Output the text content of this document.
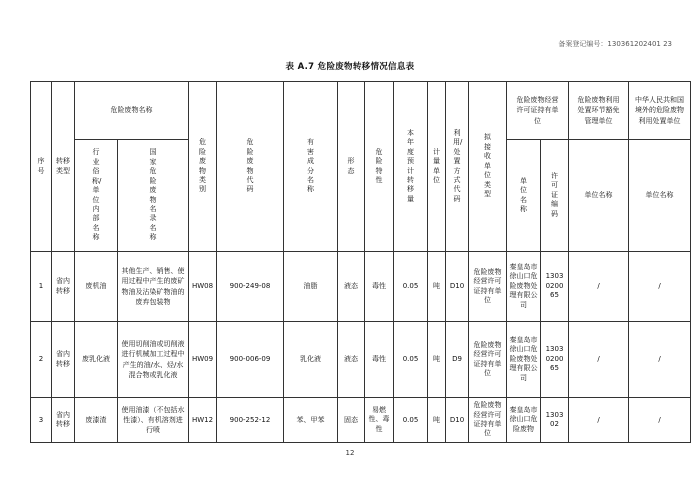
备案登记编号：130361202401 23
表 A.7 危险废物转移情况信息表
序号	转移类型	危险废物名称		危险废物类别	危险废物代码	有害成分名称	形态	危险特性	本年度预计转移量	计量单位	利用/处置方式代码	拟接收单位类型	危险废物经营许可证持有单位		危险废物利用处置环节豁免管理单位	中华人民共和国境外的危险废物利用处置单位
		行业俗称/单位内部名称	国家危险废物名录名称										单位名称	许可证编码	单位名称	单位名称
1	省内转移	废机油	其他生产、销售、使用过程中产生的废矿物油及沾染矿物油的废弃包装物	HW08	900-249-08	油脂	液态	毒性	0.05	吨	D10	危险废物经营许可证持有单位	秦皇岛市徐山口危险废物处理有限公司	1303020065	/	/
2	省内转移	废乳化液	使用切削油或切削液进行机械加工过程中产生的油/水、烃/水混合物或乳化液	HW09	900-006-09	乳化液	液态	毒性	0.05	吨	D9	危险废物经营许可证持有单位	秦皇岛市徐山口危险废物处理有限公司	1303020065	/	/
3	省内转移	废漆渣	使用油漆（不包括水性漆）、有机溶剂进行喷	HW12	900-252-12	苯、甲苯	固态	易燃性、毒性	0.05	吨	D10	危险废物经营许可证持有单位	秦皇岛市徐山口危险废物	130302	/	/
12
